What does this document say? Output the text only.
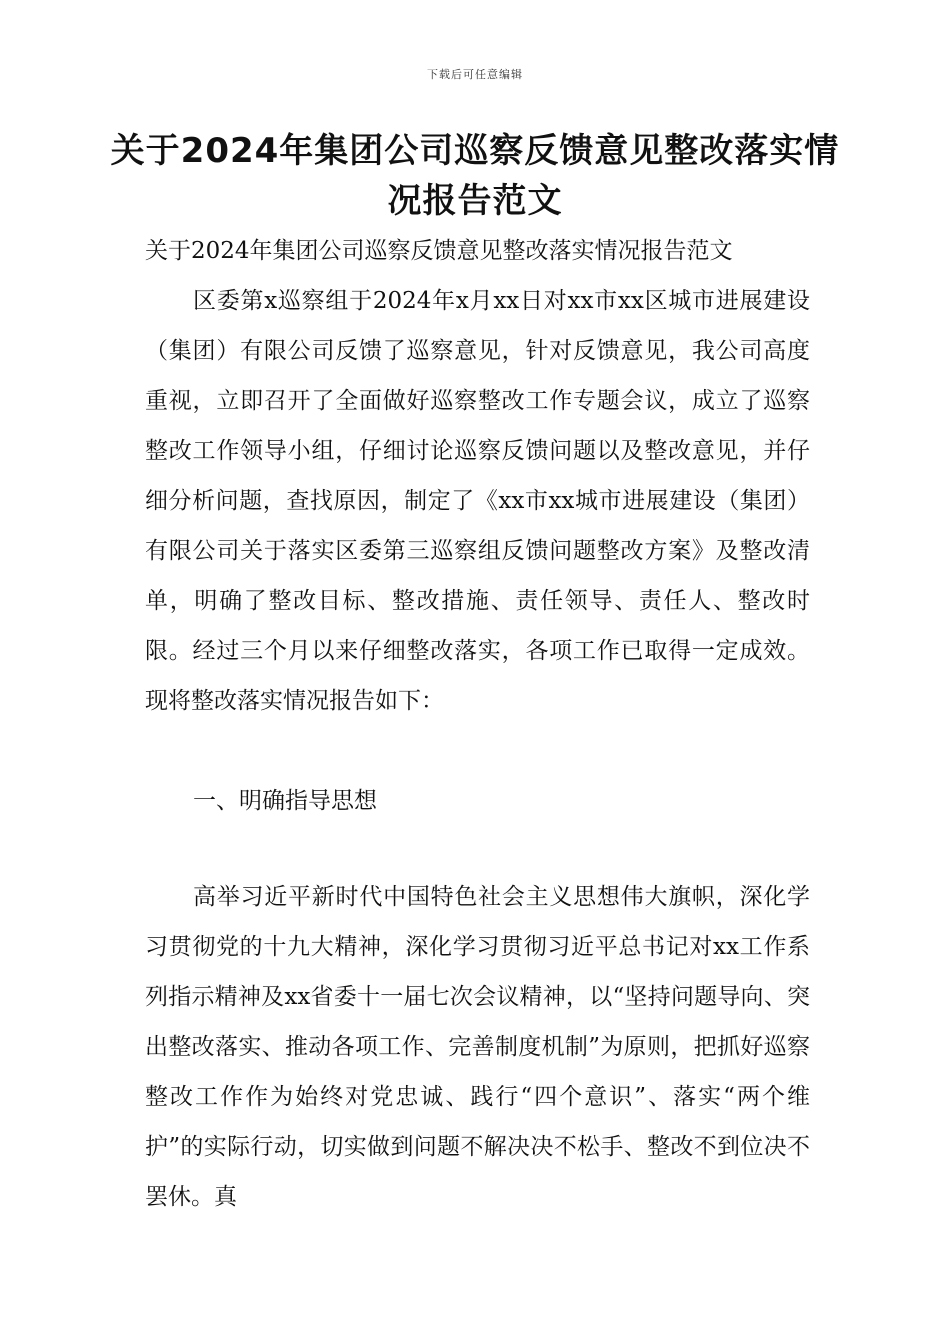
下载后可任意编辑
关于2024年集团公司巡察反馈意见整改落实情况报告范文

关于2024年集团公司巡察反馈意见整改落实情况报告范文

区委第x巡察组于2024年x月xx日对xx市xx区城市进展建设（集团）有限公司反馈了巡察意见，针对反馈意见，我公司高度重视，立即召开了全面做好巡察整改工作专题会议，成立了巡察整改工作领导小组，仔细讨论巡察反馈问题以及整改意见，并仔细分析问题，查找原因，制定了《xx市xx城市进展建设（集团）有限公司关于落实区委第三巡察组反馈问题整改方案》及整改清单，明确了整改目标、整改措施、责任领导、责任人、整改时限。经过三个月以来仔细整改落实，各项工作已取得一定成效。现将整改落实情况报告如下：

一、明确指导思想

高举习近平新时代中国特色社会主义思想伟大旗帜，深化学习贯彻党的十九大精神，深化学习贯彻习近平总书记对xx工作系列指示精神及xx省委十一届七次会议精神，以“坚持问题导向、突出整改落实、推动各项工作、完善制度机制”为原则，把抓好巡察整改工作作为始终对党忠诚、践行“四个意识”、落实“两个维护”的实际行动，切实做到问题不解决决不松手、整改不到位决不罢休。真
